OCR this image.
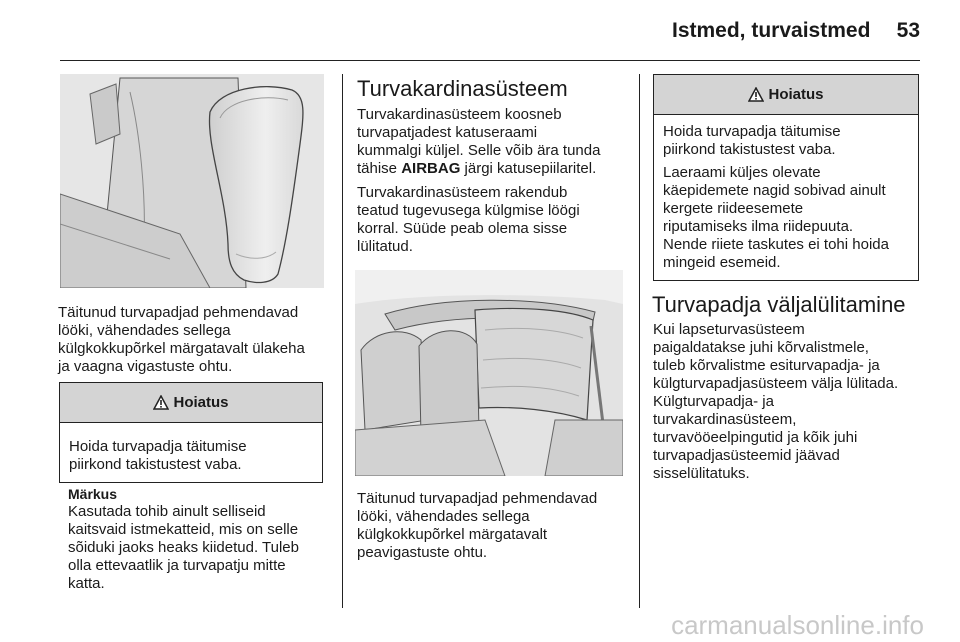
Istmed, turvaistmed	53

Täitunud turvapadjad pehmendavad

lööki, vähendades sellega

külgkokkupõrkel märgatavalt ülakeha

ja vaagna vigastuste ohtu.

Hoiatus

Hoida turvapadja täitumise

piirkond takistustest vaba.

Märkus
Kasutada tohib ainult selliseid
kaitsvaid istmekatteid, mis on selle
sõiduki jaoks heaks kiidetud. Tuleb
olla ettevaatlik ja turvapatju mitte
katta.
Turvakardinasüsteem

Turvakardinasüsteem koosneb

turvapatjadest katuseraami

kummalgi küljel. Selle võib ära tunda

tähise AIRBAG järgi katusepiilaritel.

Turvakardinasüsteem rakendub

teatud tugevusega külgmise löögi

korral. Süüde peab olema sisse

lülitatud.

Täitunud turvapadjad pehmendavad

lööki, vähendades sellega

külgkokkupõrkel märgatavalt

peavigastuste ohtu.

Hoiatus

Hoida turvapadja täitumise

piirkond takistustest vaba.

Laeraami küljes olevate

käepidemete nagid sobivad ainult

kergete riideesemete

riputamiseks ilma riidepuuta.

Nende riiete taskutes ei tohi hoida

mingeid esemeid.

Turvapadja väljalülitamine

Kui lapseturvasüsteem

paigaldatakse juhi kõrvalistmele,

tuleb kõrvalistme esiturvapadja- ja

külgturvapadjasüsteem välja lülitada.

Külgturvapadja- ja

turvakardinasüsteem,

turvavööeelpingutid ja kõik juhi

turvapadjasüsteemid jäävad

sisselülitatuks.

carmanualsonline.info
